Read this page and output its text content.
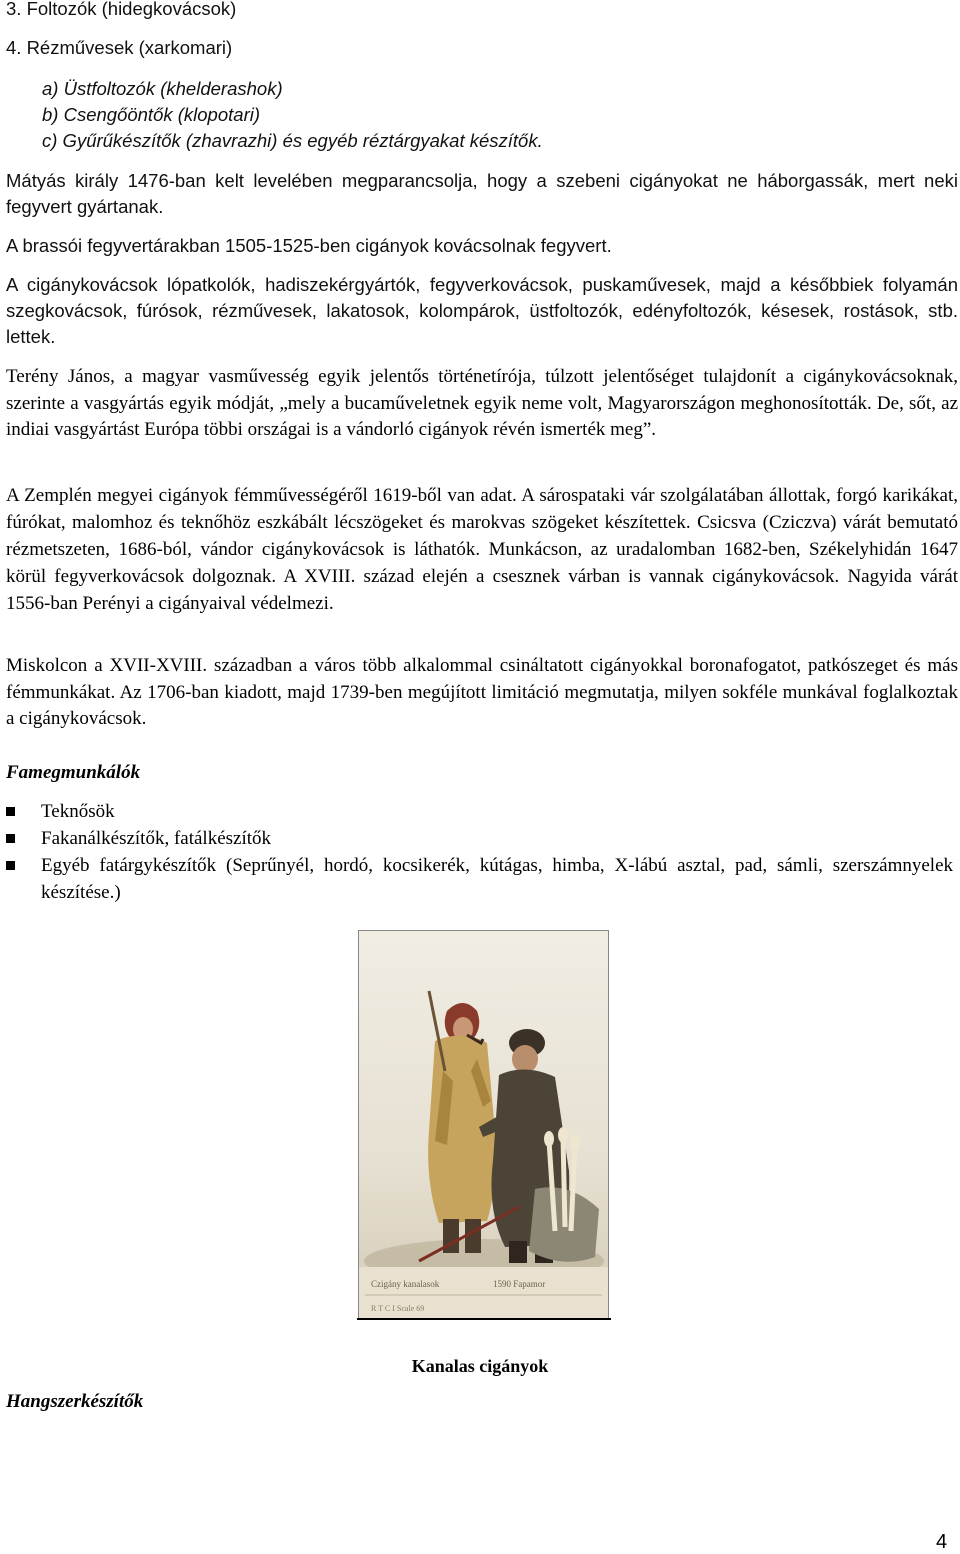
3. Foltozók (hidegkovácsok)

4. Rézművesek (xarkomari)

a) Üstfoltozók (khelderashok)

b) Csengőöntők (klopotari)

c) Gyűrűkészítők (zhavrazhi) és egyéb réztárgyakat készítők.

Mátyás király 1476-ban kelt levelében megparancsolja, hogy a szebeni cigányokat ne háborgassák, mert neki fegyvert gyártanak.

A brassói fegyvertárakban 1505-1525-ben cigányok kovácsolnak fegyvert.

A cigánykovácsok lópatkolók, hadiszekérgyártók, fegyverkovácsok, puskaművesek, majd a későbbiek folyamán szegkovácsok, fúrósok, rézművesek, lakatosok, kolompárok, üstfoltozók, edényfoltozók, késesek, rostások, stb. lettek.

Terény János, a magyar vasművesség egyik jelentős történetírója, túlzott jelentőséget tulajdonít a cigánykovácsoknak, szerinte a vasgyártás egyik módját, „mely a bucaműveletnek egyik neme volt, Magyarországon meghonosították. De, sőt, az indiai vasgyártást Európa többi országai is a vándorló cigányok révén ismerték meg”.

A Zemplén megyei cigányok fémművességéről 1619-ből van adat. A sárospataki vár szolgálatában állottak, forgó karikákat, fúrókat, malomhoz és teknőhöz eszkábált lécszögeket és marokvas szögeket készítettek. Csicsva (Cziczva) várát bemutató rézmetszeten, 1686-ból, vándor cigánykovácsok is láthatók. Munkácson, az uradalomban 1682-ben, Székelyhidán 1647 körül fegyverkovácsok dolgoznak. A XVIII. század elején a csesznek várban is vannak cigánykovácsok. Nagyida várát 1556-ban Perényi a cigányaival védelmezi.

Miskolcon a XVII-XVIII. században a város több alkalommal csináltatott cigányokkal boronafogatot, patkószeget és más fémmunkákat. Az 1706-ban kiadott, majd 1739-ben megújított limitáció megmutatja, milyen sokféle munkával foglalkoztak a cigánykovácsok.

Famegmunkálók

Teknősök
Fakanálkészítők, fatálkészítők
Egyéb fatárgykészítők (Seprűnyél, hordó, kocsikerék, kútágas, himba, X-lábú asztal, pad, sámli, szerszámnyelek készítése.)
Czigány kanalasok	1590 Fapamor
R T C I Scale 69

Kanalas cigányok

Hangszerkészítők

4
